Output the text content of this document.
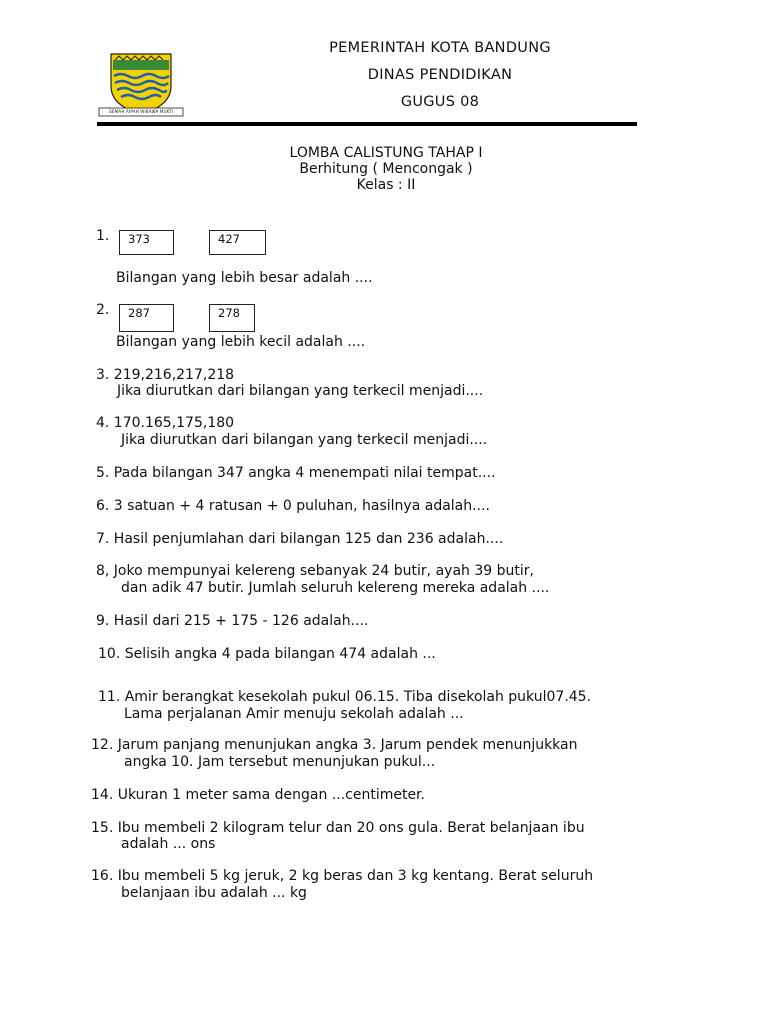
GEMAH RIPAH WIBAWA MUKTI
PEMERINTAH KOTA BANDUNG
DINAS PENDIDIKAN
GUGUS 08
LOMBA CALISTUNG TAHAP I
Berhitung ( Mencongak )
Kelas : II
1.	373	427
Bilangan yang lebih besar adalah ....
2.	287	278
Bilangan yang lebih kecil adalah ....
3. 219,216,217,218
Jika diurutkan dari bilangan yang terkecil menjadi....
4. 170.165,175,180
Jika diurutkan dari bilangan yang terkecil menjadi....
5. Pada bilangan 347 angka 4 menempati nilai tempat....
6. 3 satuan + 4 ratusan + 0 puluhan, hasilnya adalah....
7. Hasil penjumlahan dari bilangan 125 dan 236 adalah....
8, Joko mempunyai kelereng sebanyak 24 butir, ayah 39 butir,
dan adik 47 butir. Jumlah seluruh kelereng mereka adalah ....
9. Hasil dari 215 + 175 - 126 adalah....
10. Selisih angka 4 pada bilangan 474 adalah ...
11. Amir berangkat kesekolah pukul 06.15. Tiba disekolah pukul07.45.
Lama perjalanan Amir menuju sekolah adalah ...
12. Jarum panjang menunjukan angka 3. Jarum pendek menunjukkan
angka 10. Jam tersebut menunjukan pukul...
14. Ukuran 1 meter sama dengan ...centimeter.
15. Ibu membeli 2 kilogram telur dan 20 ons gula. Berat belanjaan ibu
adalah ... ons
16. Ibu membeli 5 kg jeruk, 2 kg beras dan 3 kg kentang. Berat seluruh
belanjaan ibu adalah ... kg
